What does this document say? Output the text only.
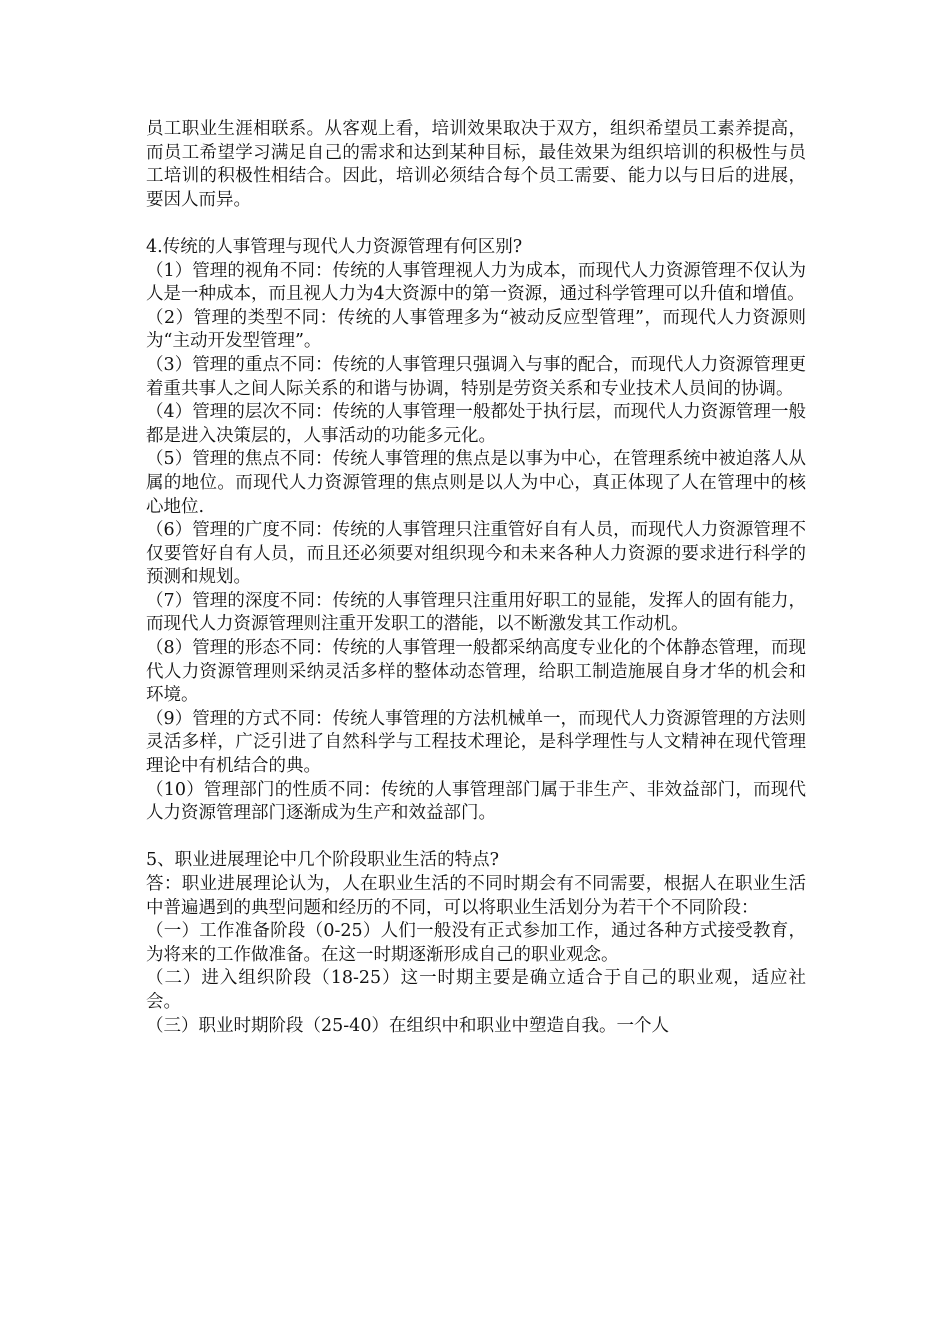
员工职业生涯相联系。从客观上看，培训效果取决于双方，组织希望员工素养提高，而员工希望学习满足自己的需求和达到某种目标，最佳效果为组织培训的积极性与员工培训的积极性相结合。因此，培训必须结合每个员工需要、能力以与日后的进展，要因人而异。

4.传统的人事管理与现代人力资源管理有何区别?

（1）管理的视角不同：传统的人事管理视人力为成本，而现代人力资源管理不仅认为人是一种成本，而且视人力为4大资源中的第一资源，通过科学管理可以升值和增值。

（2）管理的类型不同：传统的人事管理多为“被动反应型管理”，而现代人力资源则为“主动开发型管理”。

（3）管理的重点不同：传统的人事管理只强调入与事的配合，而现代人力资源管理更着重共事人之间人际关系的和谐与协调，特别是劳资关系和专业技术人员间的协调。

（4）管理的层次不同：传统的人事管理一般都处于执行层，而现代人力资源管理一般都是进入决策层的，人事活动的功能多元化。

（5）管理的焦点不同：传统人事管理的焦点是以事为中心，在管理系统中被迫落人从属的地位。而现代人力资源管理的焦点则是以人为中心，真正体现了人在管理中的核心地位.

（6）管理的广度不同：传统的人事管理只注重管好自有人员，而现代人力资源管理不仅要管好自有人员，而且还必须要对组织现今和未来各种人力资源的要求进行科学的预测和规划。

（7）管理的深度不同：传统的人事管理只注重用好职工的显能，发挥人的固有能力，而现代人力资源管理则注重开发职工的潜能，以不断激发其工作动机。

（8）管理的形态不同：传统的人事管理一般都采纳高度专业化的个体静态管理，而现代人力资源管理则采纳灵活多样的整体动态管理，给职工制造施展自身才华的机会和环境。

（9）管理的方式不同：传统人事管理的方法机械单一，而现代人力资源管理的方法则灵活多样，广泛引进了自然科学与工程技术理论，是科学理性与人文精神在现代管理理论中有机结合的典。

（10）管理部门的性质不同：传统的人事管理部门属于非生产、非效益部门，而现代人力资源管理部门逐渐成为生产和效益部门。

5、职业进展理论中几个阶段职业生活的特点?

答：职业进展理论认为，人在职业生活的不同时期会有不同需要，根据人在职业生活中普遍遇到的典型问题和经历的不同，可以将职业生活划分为若干个不同阶段：

（一）工作准备阶段（0-25）人们一般没有正式参加工作，通过各种方式接受教育，为将来的工作做准备。在这一时期逐渐形成自己的职业观念。

（二）进入组织阶段（18-25）这一时期主要是确立适合于自己的职业观，适应社会。

（三）职业时期阶段（25-40）在组织中和职业中塑造自我。一个人
